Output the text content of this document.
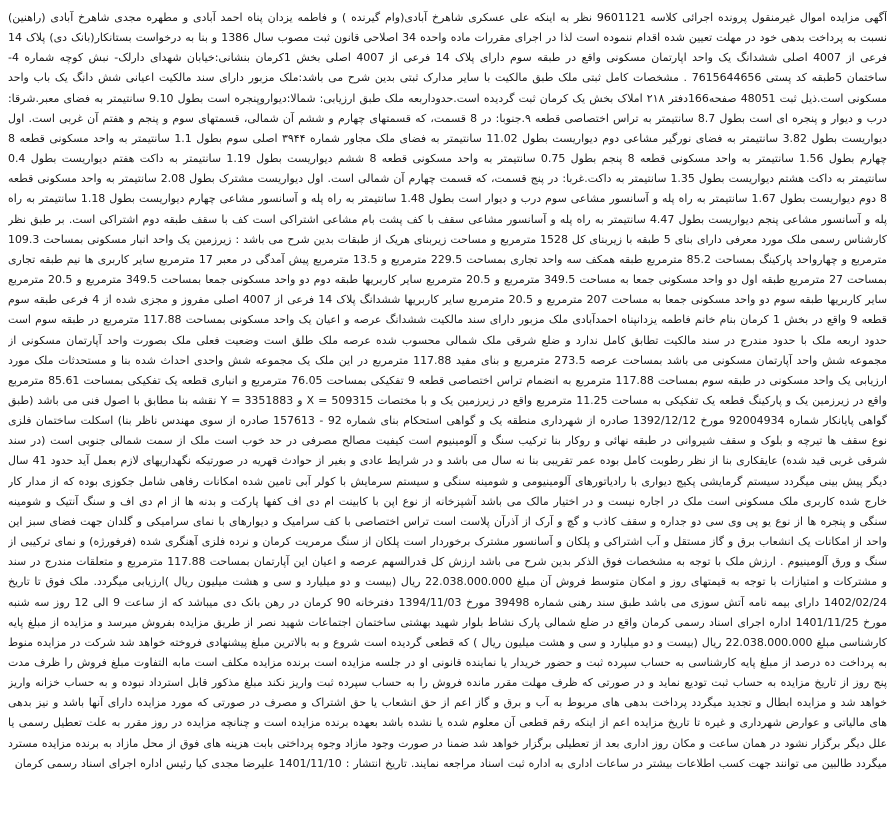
آگهی مزایده اموال غیرمنقول پرونده اجرائی کلاسه 9601121 نظر به اینکه علی عسکری شاهرخ آبادی(وام گیرنده ) و فاطمه یزدان پناه احمد آبادی و مطهره مجدی شاهرخ آبادی (راهنین) نسبت به پرداخت بدهی خود در مهلت تعیین شده اقدام ننموده است لذا در اجرای مقررات ماده واحده 34 اصلاحی قانون ثبت مصوب سال 1386 و بنا به درخواست بستانکار(بانک دی) پلاک 14 فرعی از 4007 اصلی ششدانگ یک واحد اپارتمان مسکونی واقع در طبقه سوم دارای پلاک 14 فرعی از 4007 اصلی بخش 1کرمان بنشانی:خیابان شهدای دارلک- نبش کوچه شماره 4- ساختمان 5طبقه کد پستی 7615644656 . مشخصات کامل ثبتی ملک طبق مالکیت با سایر مدارک ثبتی بدین شرح می باشد:ملک مزبور دارای سند مالکیت اعیانی شش دانگ یک باب واحد مسکونی است.ذیل ثبت 48051 صفحه166دفتر ۲۱۸ املاک بخش یک کرمان ثبت گردیده است.حدوداربعه ملک طبق ارزیابی: شمالا:دیواروپنجره است بطول 9.10 سانتیمتر به فضای معبر.شرقا: درب و دیوار و پنجره ای است بطول 8.7 سانتیمتر به تراس اختصاصی قطعه ۹.جنوبا: در 8 قسمت، که قسمتهای چهارم و ششم آن شمالی، قسمتهای سوم و پنجم و هفتم آن غربی است. اول دیواریست بطول 3.82 سانتیمتر به فضای نورگیر مشاعی دوم دیواریست بطول 11.02 سانتیمتر به فضای ملک مجاور شماره ۳۹۴۴ اصلی سوم بطول 1.1 سانتیمتر به واحد مسکونی قطعه 8 چهارم بطول 1.56 سانتیمتر به واحد مسکونی قطعه 8 پنجم بطول 0.75 سانتیمتر به واحد مسکونی قطعه 8 ششم دیواریست بطول 1.19 سانتیمتر به داکت هفتم دیواریست بطول 0.4 سانتیمتر به داکت هشتم دیواریست بطول 1.35 سانتیمتر به داکت.غربا: در پنج قسمت، که قسمت چهارم آن شمالی است. اول دیواریست مشترک بطول 2.08 سانتیمتر به واحد مسکونی قطعه 8 دوم دیواریست بطول 1.67 سانتیمتر به راه پله و آسانسور مشاعی سوم درب و دیوار است بطول 1.48 سانتیمتر به راه پله و آسانسور مشاعی چهارم دیواریست بطول 1.18 سانتیمتر به راه پله و آسانسور مشاعی پنجم دیواریست بطول 4.47 سانتیمتر به راه پله و آسانسور مشاعی سقف با کف پشت بام مشاعی اشتراکی است کف با سقف طبقه دوم اشتراکی است. بر طبق نظر کارشناس رسمی ملک مورد معرفی دارای بنای 5 طبقه با زیربنای کل 1528 مترمربع و مساحت زیربنای هریک از طبقات بدین شرح می باشد : زیرزمین یک واحد انبار مسکونی بمساحت 109.3 مترمربع و چهارواحد پارکینگ بمساحت 85.2 مترمربع طبقه همکف سه واحد تجاری بمساحت 229.5 مترمربع و 13.5 مترمربع پیش آمدگی در معبر 17 مترمربع سایر کاربری ها نیم طبقه تجاری بمساحت 27 مترمربع طبقه اول دو واحد مسکونی جمعا به مساحت 349.5 مترمربع و 20.5 مترمربع سایر کاربریها طبقه دوم دو واحد مسکونی جمعا بمساحت 349.5 مترمربع و 20.5 مترمربع سایر کاربریها طبقه سوم دو واحد مسکونی جمعا به مساحت 207 مترمربع و 20.5 مترمربع سایر کاربریها ششدانگ پلاک 14 فرعی از 4007 اصلی مفروز و مجزی شده از 4 فرعی طبقه سوم قطعه 9 واقع در بخش 1 کرمان بنام خانم فاطمه یزدانپناه احمدآبادی ملک مزبور دارای سند مالکیت ششدانگ عرصه و اعیان یک واحد مسکونی بمساحت 117.88 مترمربع در طبقه سوم است حدود اربعه ملک با حدود مندرج در سند مالکیت تطابق کامل ندارد و ضلع شرقی ملک شمالی محسوب شده عرصه ملک طلق است وضعیت فعلی ملک بصورت واحد آپارتمان مسکونی از مجموعه شش واحد آپارتمان مسکونی می باشد بمساحت عرصه 273.5 مترمربع و بنای مفید 117.88 مترمربع در این ملک یک مجموعه شش واحدی احداث شده بنا و مستحدثات ملک مورد ارزیابی یک واحد مسکونی در طبقه سوم بمساحت 117.88 مترمربع به انضمام تراس اختصاصی قطعه 9 تفکیکی بمساحت 76.05 مترمربع و انباری قطعه یک تفکیکی بمساحت 85.61 مترمربع واقع در زیرزمین یک و پارکینگ قطعه یک تفکیکی به مساحت 11.25 مترمربع واقع در زیرزمین یک و با مختصات X = 509315 و Y = 3351883 نقشه بنا مطابق با اصول فنی می باشد (طبق گواهی پایانکار شماره 92004934 مورخ 1392/12/12 صادره از شهرداری منطقه یک و گواهی استحکام بنای شماره 92 - 157613 صادره از سوی مهندس ناظر بنا) اسکلت ساختمان فلزی نوع سقف ها تیرچه و بلوک و سقف شیروانی در طبقه نهائی و روکار بنا ترکیب سنگ و آلومینیوم است کیفیت مصالح مصرفی در حد خوب است ملک از سمت شمالی جنوبی است (در سند شرقی غربی قید شده) عایقکاری بنا از نظر رطوبت کامل بوده عمر تقریبی بنا نه سال می باشد و در شرایط عادی و بغیر از حوادث قهریه در صورتیکه نگهداریهای لازم بعمل آید حدود 41 سال دیگر پیش بینی میگردد سیستم گرمایشی پکیج دیواری با رادیاتورهای آلومینیومی و شومینه سنگی و سیستم سرمایش با کولر آبی تامین شده امکانات رفاهی شامل جکوزی بوده که از مدار کار خارج شده کاربری ملک مسکونی است ملک در اجاره نیست و در اختیار مالک می باشد آشپزخانه از نوع اپن با کابینت ام دی اف کفها پارکت و بدنه ها از ام دی اف و سنگ آنتیک و شومینه سنگی و پنجره ها از نوع یو پی وی سی دو جداره و سقف کاذب و گچ و آرک از آذرآن پلاست است تراس اختصاصی با کف سرامیک و دیوارهای با نمای سرامیکی و گلدان جهت فضای سبز این واحد از امکانات یک انشعاب برق و گاز مستقل و آب اشتراکی و پلکان و آسانسور مشترک برخوردار است پلکان از سنگ مرمریت کرمان و نرده فلزی آهنگری شده (فرفورژه) و نمای ترکیبی از سنگ و ورق آلومینیوم . ارزش ملک با توجه به مشخصات فوق الذکر بدین شرح می باشد ارزش کل قدرالسهم عرصه و اعیان این آپارتمان بمساحت 117.88 مترمربع و متعلقات مندرج در سند و مشترکات و امتیازات با توجه به قیمتهای روز و امکان متوسط فروش آن مبلغ 22.038.000.000 ریال (بیست و دو میلیارد و سی و هشت میلیون ریال )ارزیابی میگردد. ملک فوق تا تاریخ 1402/02/24 دارای بیمه نامه آتش سوزی می باشد طبق سند رهنی شماره 39498 مورخ 1394/11/03 دفترخانه 90 کرمان در رهن بانک دی میباشد که از ساعت 9 الی 12 روز سه شنبه مورخ 1401/11/25 اداره اجرای اسناد رسمی کرمان واقع در ضلع شمالی پارک نشاط بلوار شهید بهشتی ساختمان اجتماعات شهید نصر از طریق مزایده بفروش میرسد و مزایده از مبلغ پایه کارشناسی مبلغ 22.038.000.000 ریال (بیست و دو میلیارد و سی و هشت میلیون ریال ) که قطعی گردیده است شروع و به بالاترین مبلغ پیشنهادی فروخته خواهد شد شرکت در مزایده منوط به پرداخت ده درصد از مبلغ پایه کارشناسی به حساب سپرده ثبت و حضور خریدار یا نماینده قانونی او در جلسه مزایده است برنده مزایده مکلف است مابه التفاوت مبلغ فروش را ظرف مدت پنج روز از تاریخ مزایده به حساب ثبت تودیع نماید و در صورتی که ظرف مهلت مقرر مانده فروش را به حساب سپرده ثبت واریز نکند مبلغ مذکور قابل استرداد نبوده و به حساب خزانه واریز خواهد شد و مزایده ابطال و تجدید میگردد پرداخت بدهی های مربوط به آب و برق و گاز اعم از حق انشعاب یا حق اشتراک و مصرف در صورتی که مورد مزایده دارای آنها باشد و نیز بدهی های مالیاتی و عوارض شهرداری و غیره تا تاریخ مزایده اعم از اینکه رقم قطعی آن معلوم شده یا نشده باشد بعهده برنده مزایده است و چنانچه مزایده در روز مقرر به علت تعطیل رسمی یا علل دیگر برگزار نشود در همان ساعت و مکان روز اداری بعد از تعطیلی برگزار خواهد شد ضمنا در صورت وجود مازاد وجوه پرداختی بابت هزینه های فوق از محل مازاد به برنده مزایده مسترد میگردد طالبین می توانند جهت کسب اطلاعات بیشتر در ساعات اداری به اداره ثبت اسناد مراجعه نمایند. تاریخ انتشار : 1401/11/10 علیرضا مجدی کیا رئیس اداره اجرای اسناد رسمی کرمان
